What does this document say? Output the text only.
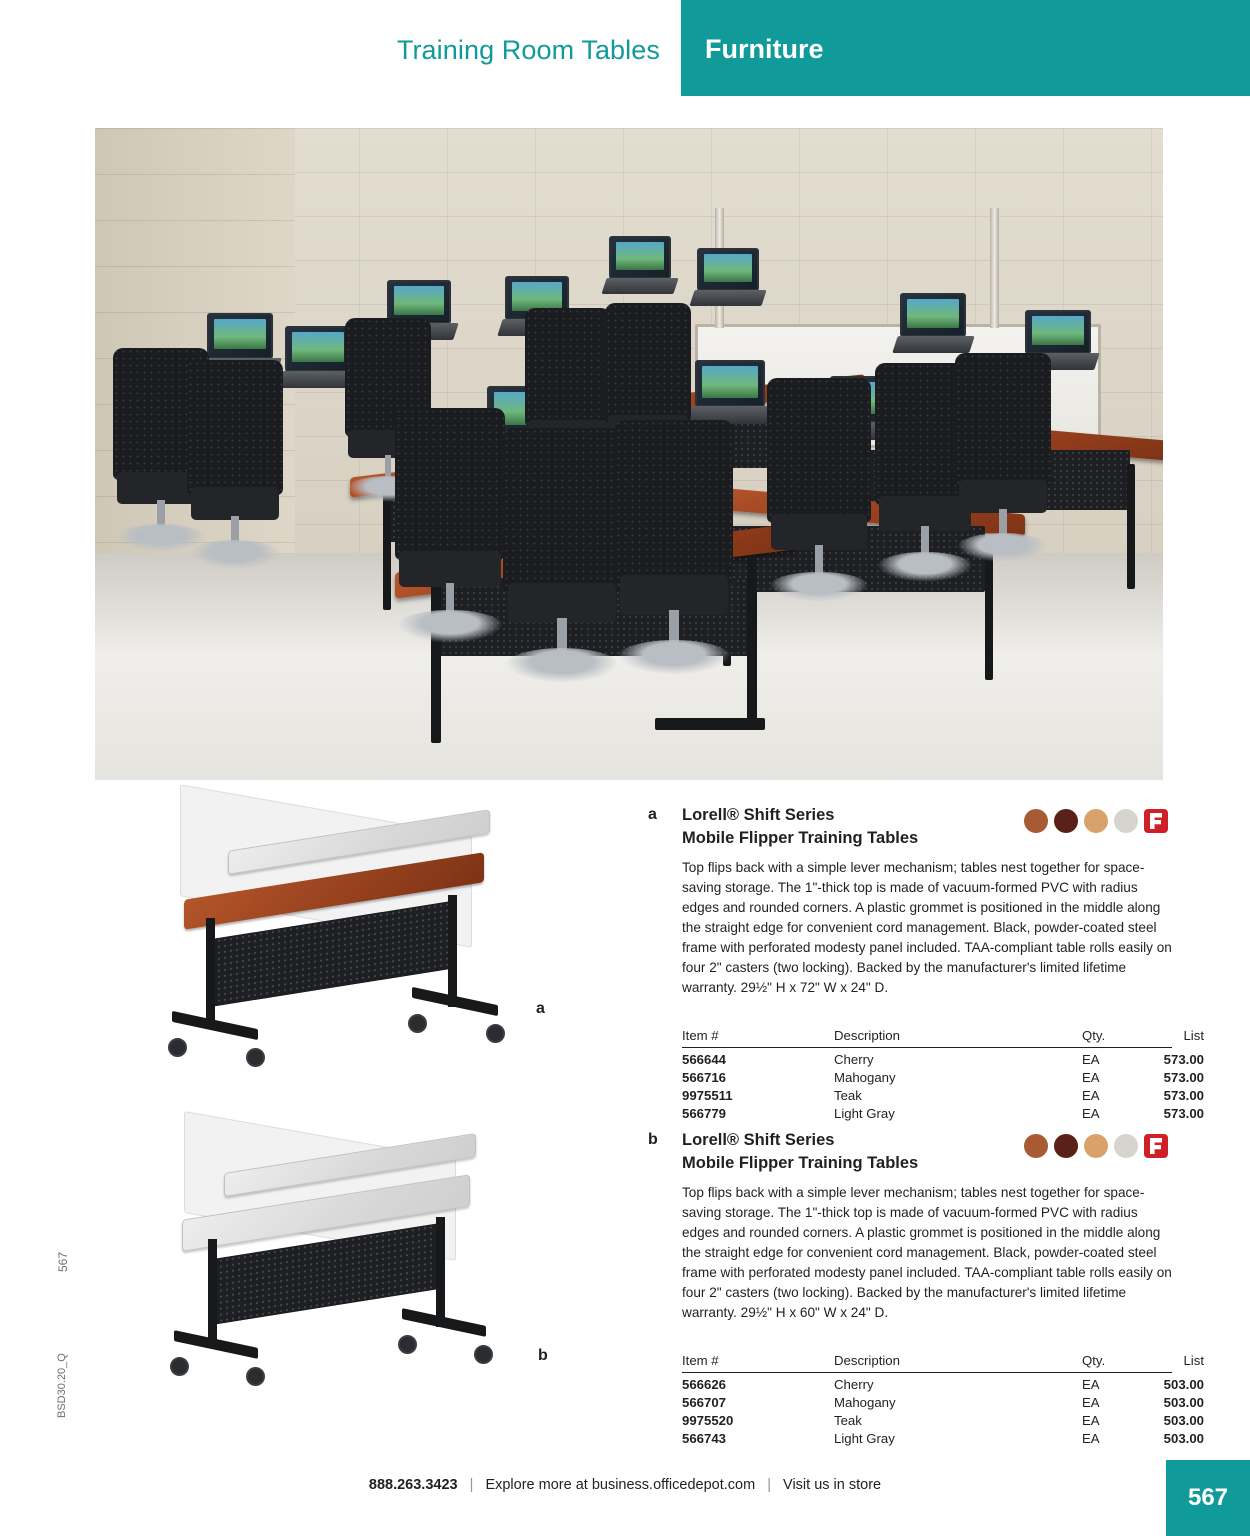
Training Room Tables Furniture
567
BSD30.20_Q
a
b
a Lorell® Shift Series
Mobile Flipper Training Tables
Top flips back with a simple lever mechanism; tables nest together for space-saving storage. The 1"-thick top is made of vacuum-formed PVC with radius edges and rounded corners. A plastic grommet is positioned in the middle along the straight edge for convenient cord management. Black, powder-coated steel frame with perforated modesty panel included. TAA-compliant table rolls easily on four 2" casters (two locking). Backed by the manufacturer's limited lifetime warranty. 29½" H x 72" W x 24" D.
Item #	Description	Qty.	List
566644	Cherry	EA	573.00
566716	Mahogany	EA	573.00
9975511	Teak	EA	573.00
566779	Light Gray	EA	573.00
b Lorell® Shift Series
Mobile Flipper Training Tables
Top flips back with a simple lever mechanism; tables nest together for space-saving storage. The 1"-thick top is made of vacuum-formed PVC with radius edges and rounded corners. A plastic grommet is positioned in the middle along the straight edge for convenient cord management. Black, powder-coated steel frame with perforated modesty panel included. TAA-compliant table rolls easily on four 2" casters (two locking). Backed by the manufacturer's limited lifetime warranty. 29½" H x 60" W x 24" D.
Item #	Description	Qty.	List
566626	Cherry	EA	503.00
566707	Mahogany	EA	503.00
9975520	Teak	EA	503.00
566743	Light Gray	EA	503.00
888.263.3423 | Explore more at business.officedepot.com | Visit us in store	567
